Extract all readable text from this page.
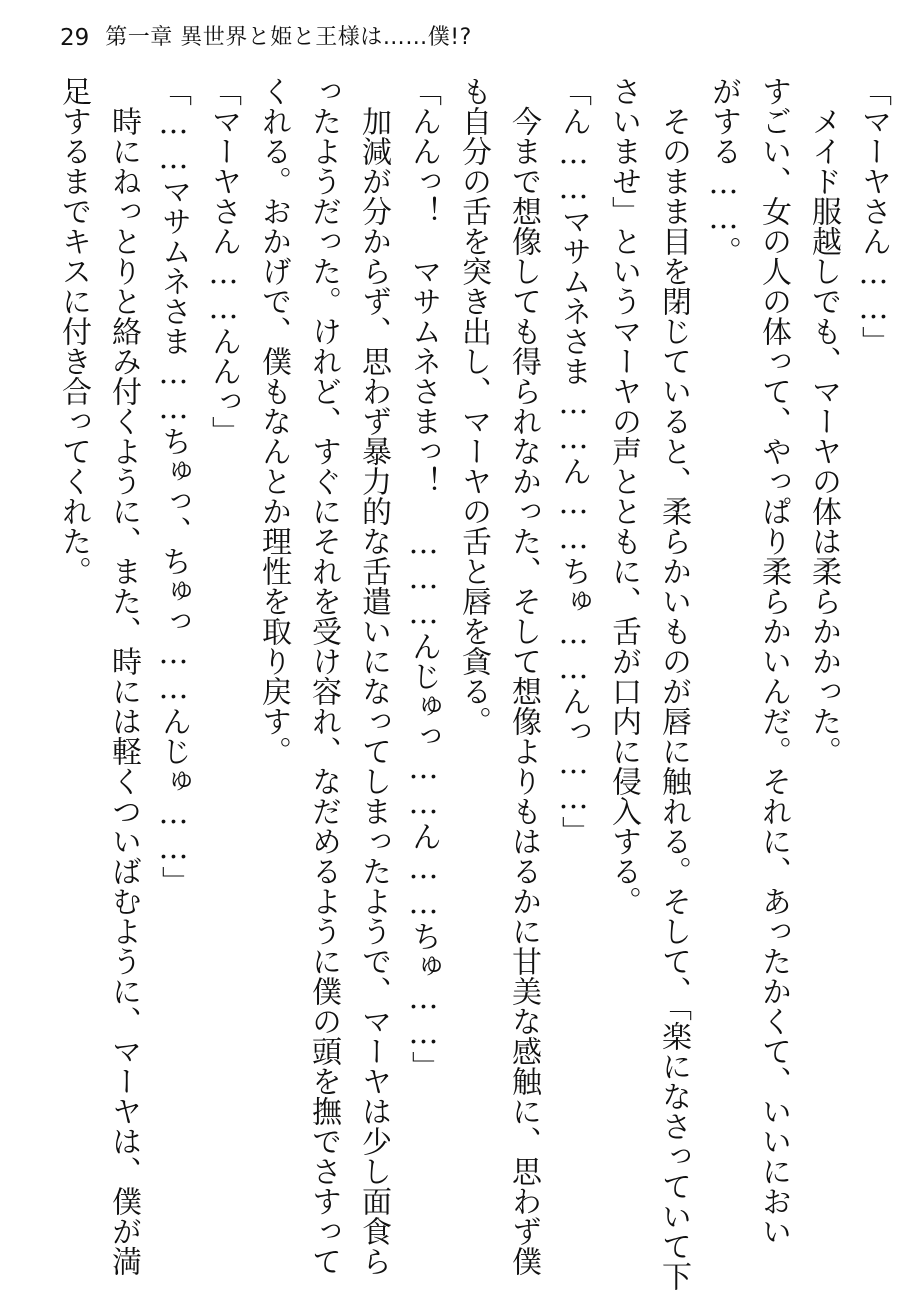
29 第一章 異世界と姫と王様は……僕!?
「マーヤさん……」
　メイド服越しでも、マーヤの体は柔らかかった。
すごい、女の人の体って、やっぱり柔らかいんだ。それに、あったかくて、いいにおい
がする……。
　そのまま目を閉じていると、柔らかいものが唇に触れる。そして、「楽になさっていて下
さいませ」というマーヤの声とともに、舌が口内に侵入する。
「ん……マサムネさま……ん……ちゅ……んっ……」
　今まで想像しても得られなかった、そして想像よりもはるかに甘美な感触に、思わず僕
も自分の舌を突き出し、マーヤの舌と唇を貪る。
「んんっ！　マサムネさまっ！　………んじゅっ……ん……ちゅ……」
　加減が分からず、思わず暴力的な舌遣いになってしまったようで、マーヤは少し面食ら
ったようだった。けれど、すぐにそれを受け容れ、なだめるように僕の頭を撫でさすって
くれる。おかげで、僕もなんとか理性を取り戻す。
「マーヤさん……んんっ」
「……マサムネさま……ちゅっ、ちゅっ……んじゅ……」
　時にねっとりと絡み付くように、また、時には軽くついばむように、マーヤは、僕が満
足するまでキスに付き合ってくれた。
